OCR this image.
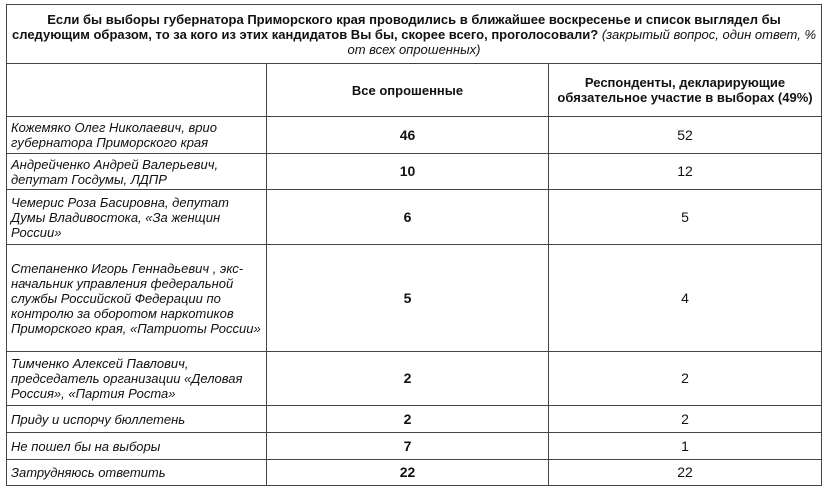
Если бы выборы губернатора Приморского края проводились в ближайшее воскресенье и список выглядел бы следующим образом, то за кого из этих кандидатов Вы бы, скорее всего, проголосовали? (закрытый вопрос, один ответ, % от всех опрошенных)		
	Все опрошенные	Респонденты, декларирующие обязательное участие в выборах (49%)
Кожемяко Олег Николаевич, врио губернатора Приморского края	46	52
Андрейченко Андрей Валерьевич, депутат Госдумы, ЛДПР	10	12
Чемерис Роза Басировна, депутат Думы Владивостока, «За женщин России»	6	5
Степаненко Игорь Геннадьевич , экс-начальник управления федеральной службы Российской Федерации по контролю за оборотом наркотиков Приморского края, «Патриоты России»	5	4
Тимченко Алексей Павлович, председатель организации «Деловая Россия», «Партия Роста»	2	2
Приду и испорчу бюллетень	2	2
Не пошел бы на выборы	7	1
Затрудняюсь ответить	22	22
